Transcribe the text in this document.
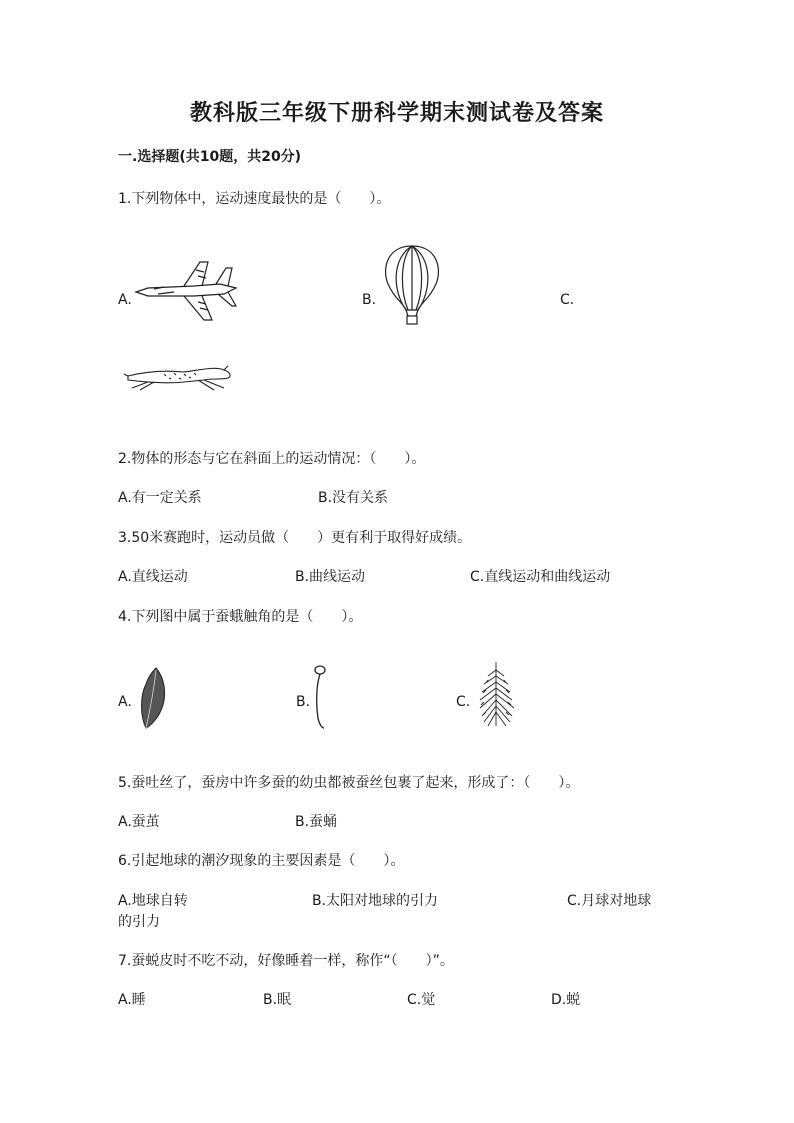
教科版三年级下册科学期末测试卷及答案
一.选择题(共10题，共20分)
1.下列物体中，运动速度最快的是（　　）。
A.	B.	C.
2.物体的形态与它在斜面上的运动情况：（　　）。
A.有一定关系	B.没有关系
3.50米赛跑时，运动员做（　　）更有利于取得好成绩。
A.直线运动	B.曲线运动	C.直线运动和曲线运动
4.下列图中属于蚕蛾触角的是（　　）。
A.	B.	C.
5.蚕吐丝了，蚕房中许多蚕的幼虫都被蚕丝包裹了起来，形成了：（　　）。
A.蚕茧	B.蚕蛹
6.引起地球的潮汐现象的主要因素是（　　）。
A.地球自转	B.太阳对地球的引力	C.月球对地球
的引力
7.蚕蜕皮时不吃不动，好像睡着一样，称作“（　　）”。
A.睡	B.眠	C.觉	D.蜕
